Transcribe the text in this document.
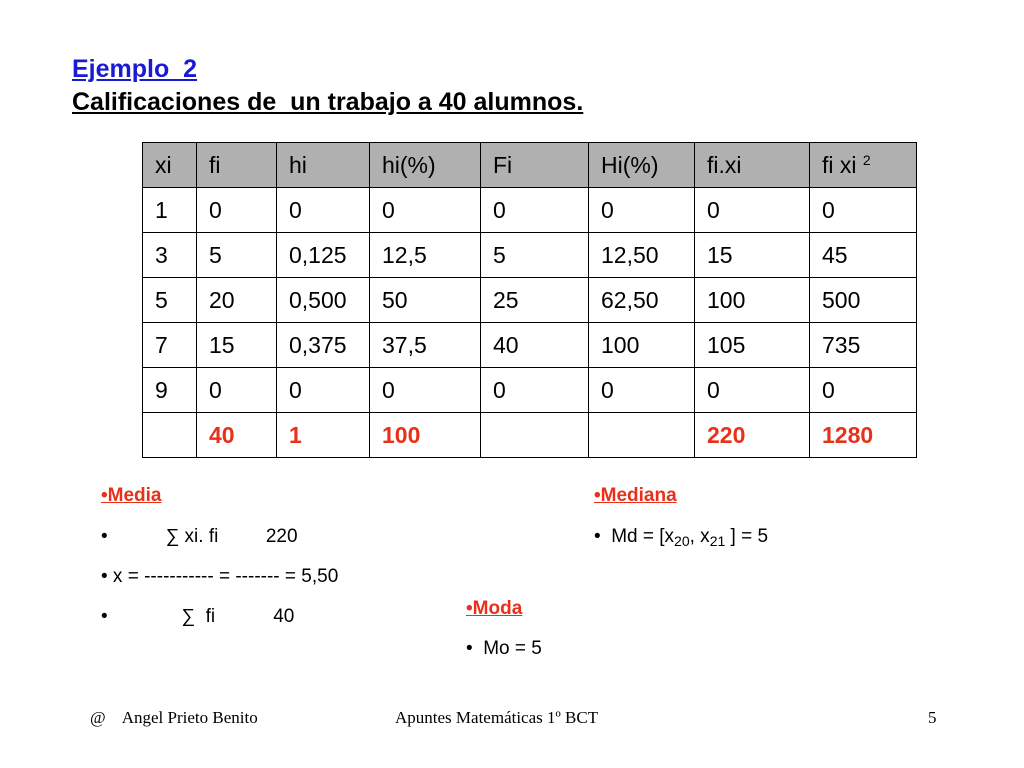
Ejemplo  2
Calificaciones de  un trabajo a 40 alumnos.
xi	fi	hi	hi(%)	Fi	Hi(%)	fi.xi	fi xi $^2$
1	0	0	0	0	0	0	0
3	5	0,125	12,5	5	12,50	15	45
5	20	0,500	50	25	62,50	100	500
7	15	0,375	37,5	40	100	105	735
9	0	0	0	0	0	0	0
	40	1	100			220	1280
•Media
•           ∑ xi. fi         220
• x = ----------- = ------- = 5,50
•              ∑  fi           40
•Mediana
•  $Md = [x_{20}$, $x_{21}$ ] = 5
•Moda
•  Mo = 5
@    Angel Prieto Benito	Apuntes Matemáticas 1º BCT	5
